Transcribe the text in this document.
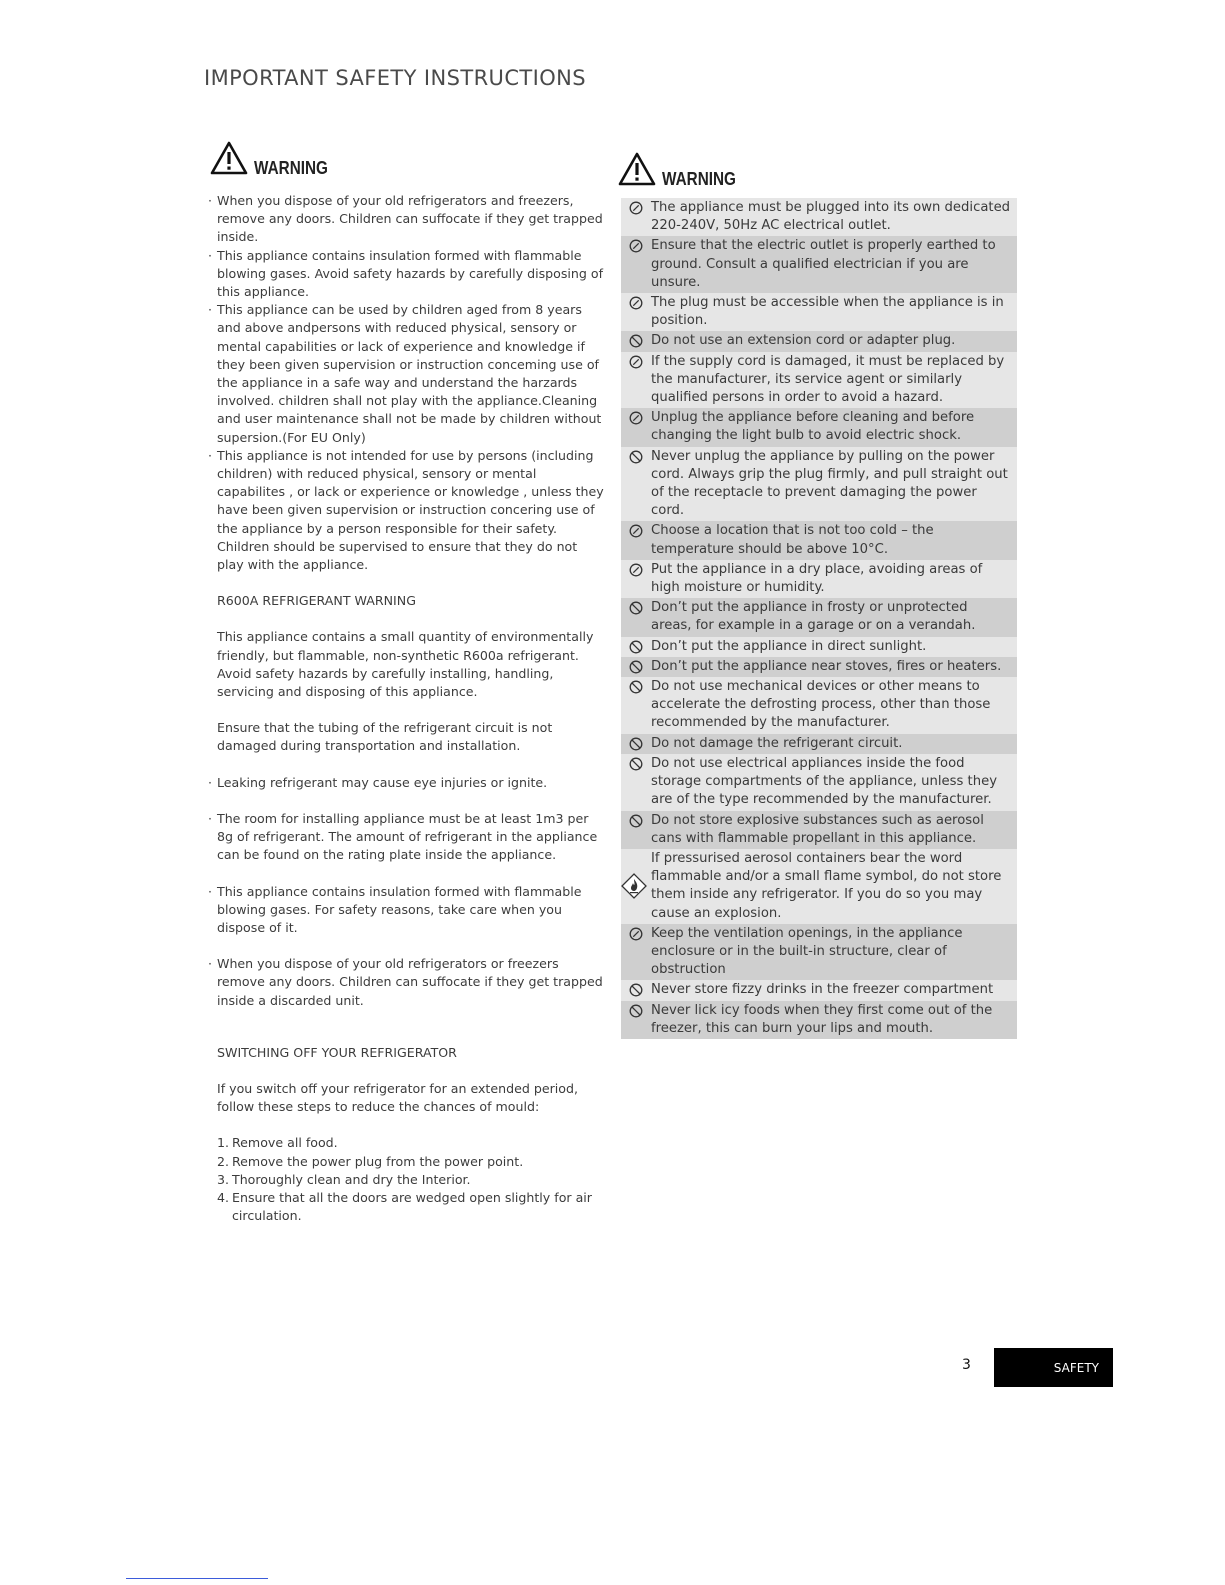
IMPORTANT SAFETY INSTRUCTIONS
WARNING
· When you dispose of your old refrigerators and freezers, remove any doors. Children can suffocate if they get trapped inside.
· This appliance contains insulation formed with flammable blowing gases. Avoid safety hazards by carefully disposing of this appliance.
· This appliance can be used by children aged from 8 years and above andpersons with reduced physical, sensory or mental capabilities or lack of experience and knowledge if they been given supervision or instruction conceming use of the appliance in a safe way and understand the harzards involved. children shall not play with the appliance.Cleaning and user maintenance shall not be made by children without supersion.(For EU Only)
· This appliance is not intended for use by persons (including children) with reduced physical, sensory or mental capabilites , or lack or experience or knowledge , unless they have been given supervision or instruction concering use of the appliance by a person responsible for their safety. Children should be supervised to ensure that they do not play with the appliance.
R600A REFRIGERANT WARNING
This appliance contains a small quantity of environmentally friendly, but flammable, non-synthetic R600a refrigerant. Avoid safety hazards by carefully installing, handling, servicing and disposing of this appliance.
Ensure that the tubing of the refrigerant circuit is not damaged during transportation and installation.
· Leaking refrigerant may cause eye injuries or ignite.
· The room for installing appliance must be at least 1m3 per 8g of refrigerant. The amount of refrigerant in the appliance can be found on the rating plate inside the appliance.
· This appliance contains insulation formed with flammable blowing gases. For safety reasons, take care when you dispose of it.
· When you dispose of your old refrigerators or freezers remove any doors. Children can suffocate if they get trapped inside a discarded unit.
SWITCHING OFF YOUR REFRIGERATOR
If you switch off your refrigerator for an extended period, follow these steps to reduce the chances of mould:
1. Remove all food.
2. Remove the power plug from the power point.
3. Thoroughly clean and dry the Interior.
4. Ensure that all the doors are wedged open slightly for air circulation.
WARNING
The appliance must be plugged into its own dedicated 220-240V, 50Hz AC electrical outlet.
Ensure that the electric outlet is properly earthed to ground. Consult a qualified electrician if you are unsure.
The plug must be accessible when the appliance is in position.
Do not use an extension cord or adapter plug.
If the supply cord is damaged, it must be replaced by the manufacturer, its service agent or similarly qualified persons in order to avoid a hazard.
Unplug the appliance before cleaning and before changing the light bulb to avoid electric shock.
Never unplug the appliance by pulling on the power cord. Always grip the plug firmly, and pull straight out of the receptacle to prevent damaging the power cord.
Choose a location that is not too cold – the temperature should be above 10°C.
Put the appliance in a dry place, avoiding areas of high moisture or humidity.
Don’t put the appliance in frosty or unprotected areas, for example in a garage or on a verandah.
Don’t put the appliance in direct sunlight.
Don’t put the appliance near stoves, fires or heaters.
Do not use mechanical devices or other means to accelerate the defrosting process, other than those recommended by the manufacturer.
Do not damage the refrigerant circuit.
Do not use electrical appliances inside the food storage compartments of the appliance, unless they are of the type recommended by the manufacturer.
Do not store explosive substances such as aerosol cans with flammable propellant in this appliance.
If pressurised aerosol containers bear the word flammable and/or a small flame symbol, do not store them inside any refrigerator. If you do so you may cause an explosion.
Keep the ventilation openings, in the appliance enclosure or in the built-in structure, clear of obstruction
Never store fizzy drinks in the freezer compartment
Never lick icy foods when they first come out of the freezer, this can burn your lips and mouth.
3	SAFETY
